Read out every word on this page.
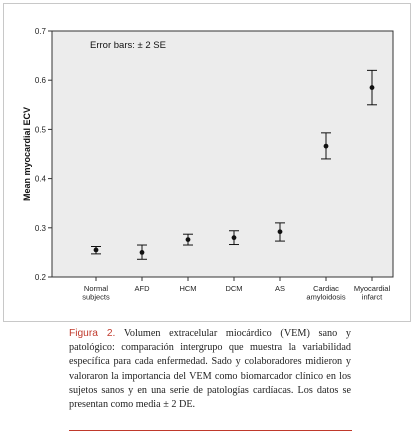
Error bars: ± 2 SE
Mean myocardial ECV
0.2
0.3
0.4
0.5
0.6
0.7
Normal
subjects
AFD	HCM	DCM	AS	Cardiac
amyloidosis
Myocardial
infarct
Figura 2. Volumen extracelular miocárdico (VEM) sano y patológico: comparación intergrupo que muestra la variabilidad específica para cada enfermedad. Sado y colaboradores midieron y valoraron la importancia del VEM como biomarcador clínico en los sujetos sanos y en una serie de patologías cardíacas. Los datos se presentan como media ± 2 DE.
